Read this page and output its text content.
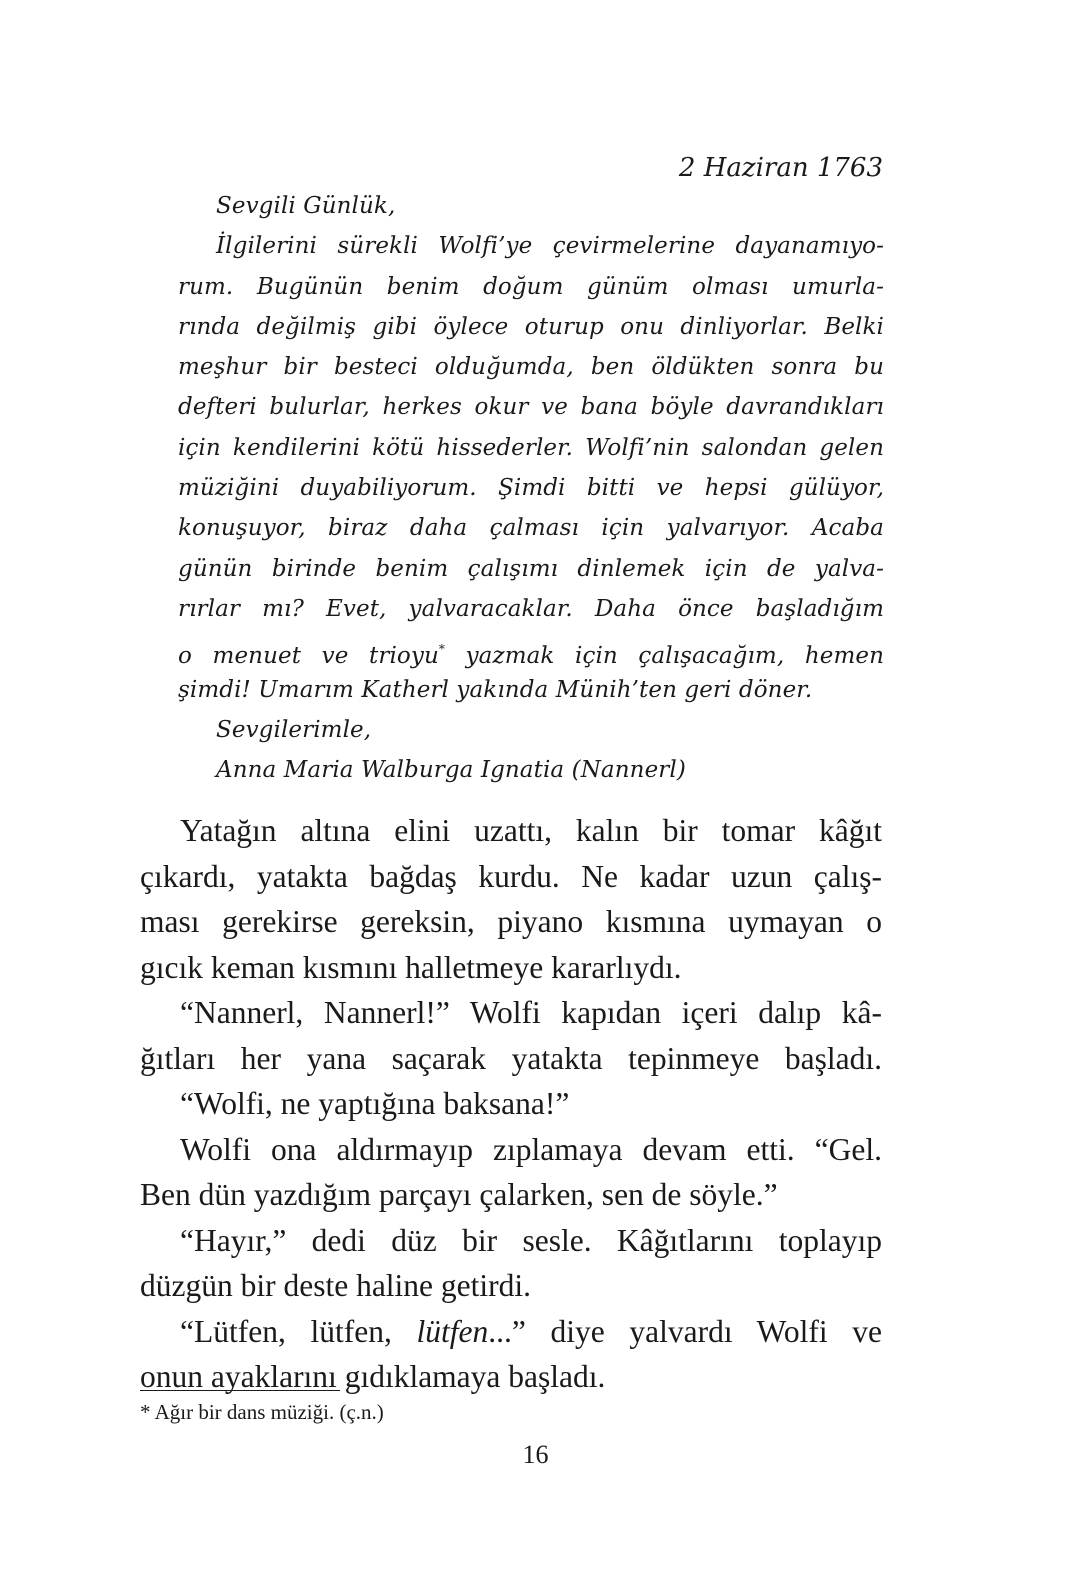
2 Haziran 1763
Sevgili Günlük,
İlgilerini sürekli Wolfi’ye çevirmelerine dayanamıyo-
rum. Bugünün benim doğum günüm olması umurla-
rında değilmiş gibi öylece oturup onu dinliyorlar. Belki
meşhur bir besteci olduğumda, ben öldükten sonra bu
defteri bulurlar, herkes okur ve bana böyle davrandıkları
için kendilerini kötü hissederler. Wolfi’nin salondan gelen
müziğini duyabiliyorum. Şimdi bitti ve hepsi gülüyor,
konuşuyor, biraz daha çalması için yalvarıyor. Acaba
günün birinde benim çalışımı dinlemek için de yalva-
rırlar mı? Evet, yalvaracaklar. Daha önce başladığım
o menuet ve trioyu* yazmak için çalışacağım, hemen
şimdi! Umarım Katherl yakında Münih’ten geri döner.
Sevgilerimle,
Anna Maria Walburga Ignatia (Nannerl)
Yatağın altına elini uzattı, kalın bir tomar kâğıt
çıkardı, yatakta bağdaş kurdu. Ne kadar uzun çalış-
ması gerekirse gereksin, piyano kısmına uymayan o
gıcık keman kısmını halletmeye kararlıydı.
“Nannerl, Nannerl!” Wolfi kapıdan içeri dalıp kâ-
ğıtları her yana saçarak yatakta tepinmeye başladı.
“Wolfi, ne yaptığına baksana!”
Wolfi ona aldırmayıp zıplamaya devam etti. “Gel.
Ben dün yazdığım parçayı çalarken, sen de söyle.”
“Hayır,” dedi düz bir sesle. Kâğıtlarını toplayıp
düzgün bir deste haline getirdi.
“Lütfen, lütfen, lütfen...” diye yalvardı Wolfi ve
onun ayaklarını gıdıklamaya başladı.
* Ağır bir dans müziği. (ç.n.)
16
